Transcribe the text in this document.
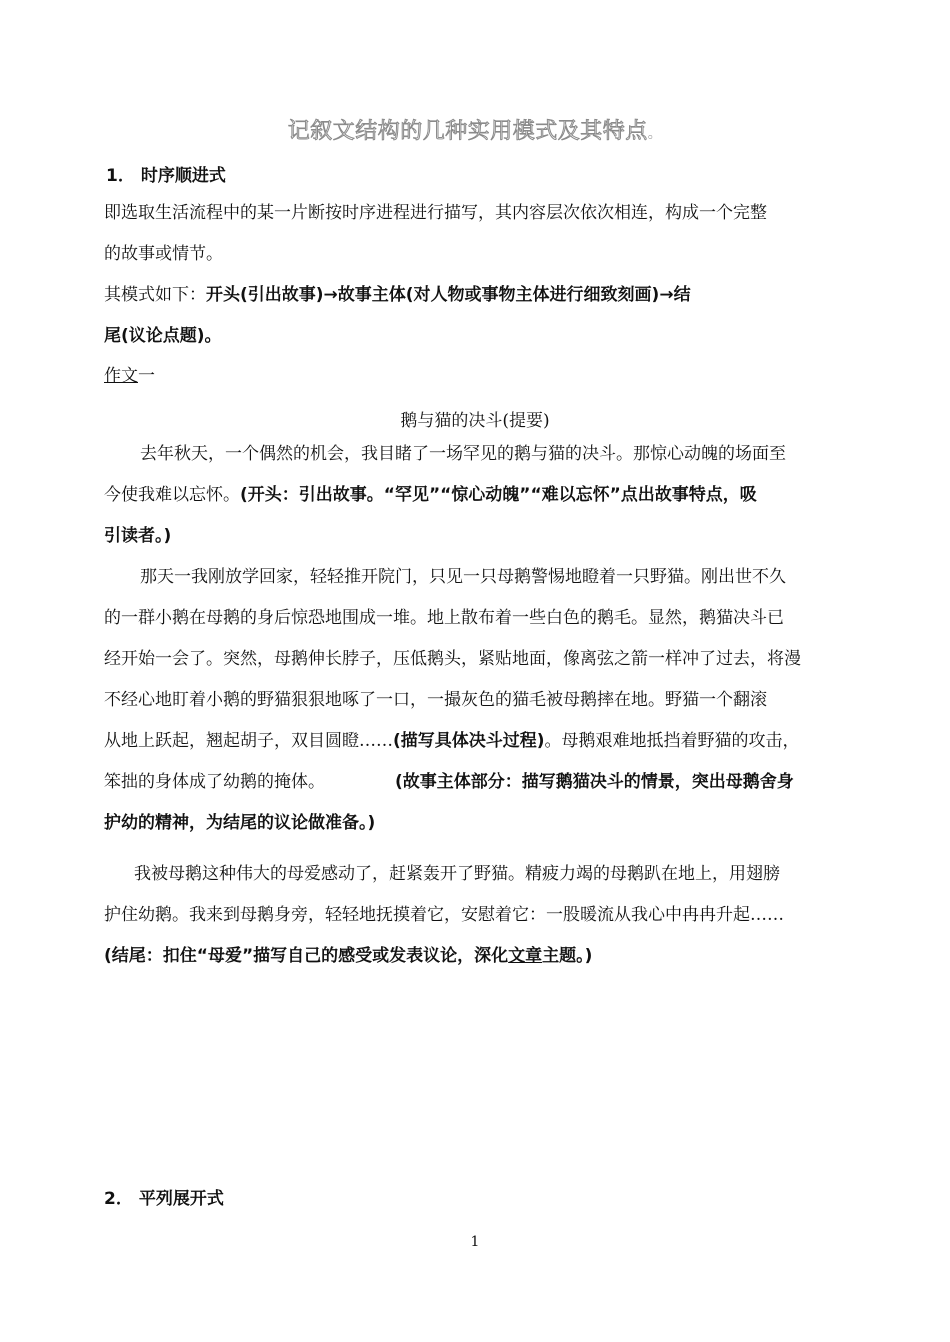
记叙文结构的几种实用模式及其特点。
1． 时序顺进式
即选取生活流程中的某一片断按时序进程进行描写，其内容层次依次相连，构成一个完整
的故事或情节。
其模式如下：开头(引出故事)→故事主体(对人物或事物主体进行细致刻画)→结
尾(议论点题)。
作文一
鹅与猫的决斗(提要)
去年秋天，一个偶然的机会，我目睹了一场罕见的鹅与猫的决斗。那惊心动魄的场面至
今使我难以忘怀。(开头：引出故事。“罕见”“惊心动魄”“难以忘怀”点出故事特点，吸
引读者。)
那天一我刚放学回家，轻轻推开院门，只见一只母鹅警惕地瞪着一只野猫。刚出世不久
的一群小鹅在母鹅的身后惊恐地围成一堆。地上散布着一些白色的鹅毛。显然，鹅猫决斗已
经开始一会了。突然，母鹅伸长脖子，压低鹅头，紧贴地面，像离弦之箭一样冲了过去，将漫
不经心地盯着小鹅的野猫狠狠地啄了一口，一撮灰色的猫毛被母鹅摔在地。野猫一个翻滚
从地上跃起，翘起胡子，双目圆瞪……(描写具体决斗过程)。母鹅艰难地抵挡着野猫的攻击，
笨拙的身体成了幼鹅的掩体。	(故事主体部分：描写鹅猫决斗的情景，突出母鹅舍身
护幼的精神，为结尾的议论做准备。)
我被母鹅这种伟大的母爱感动了，赶紧轰开了野猫。精疲力竭的母鹅趴在地上，用翅膀
护住幼鹅。我来到母鹅身旁，轻轻地抚摸着它，安慰着它：一股暖流从我心中冉冉升起……
(结尾：扣住“母爱”描写自己的感受或发表议论，深化文章主题。)
2． 平列展开式
1
